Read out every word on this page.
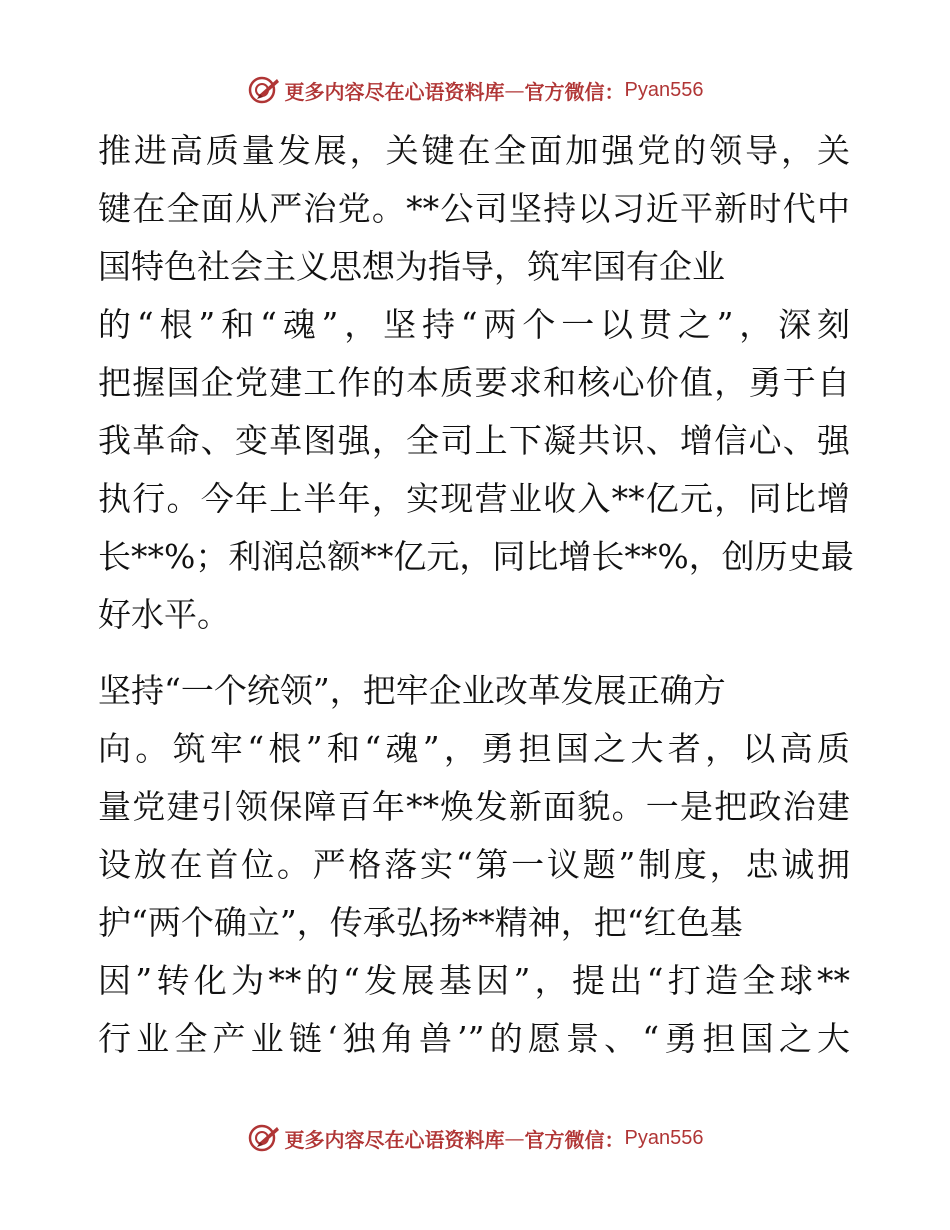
更多内容尽在心语资料库 — 官方微信： Pyan556
推进高质量发展，关键在全面加强党的领导，关
键在全面从严治党。**公司坚持以习近平新时代中
国特色社会主义思想为指导，筑牢国有企业
的“根”和“魂”，坚持“两个一以贯之”，深刻
把握国企党建工作的本质要求和核心价值，勇于自
我革命、变革图强，全司上下凝共识、增信心、强
执行。今年上半年，实现营业收入**亿元，同比增
长**%；利润总额**亿元，同比增长**%，创历史最
好水平。
坚持“一个统领”，把牢企业改革发展正确方
向。筑牢“根”和“魂”，勇担国之大者，以高质
量党建引领保障百年**焕发新面貌。一是把政治建
设放在首位。严格落实“第一议题”制度，忠诚拥
护“两个确立”，传承弘扬**精神，把“红色基
因”转化为**的“发展基因”，提出“打造全球**
行业全产业链‘独角兽’”的愿景、“勇担国之大
更多内容尽在心语资料库 — 官方微信： Pyan556
